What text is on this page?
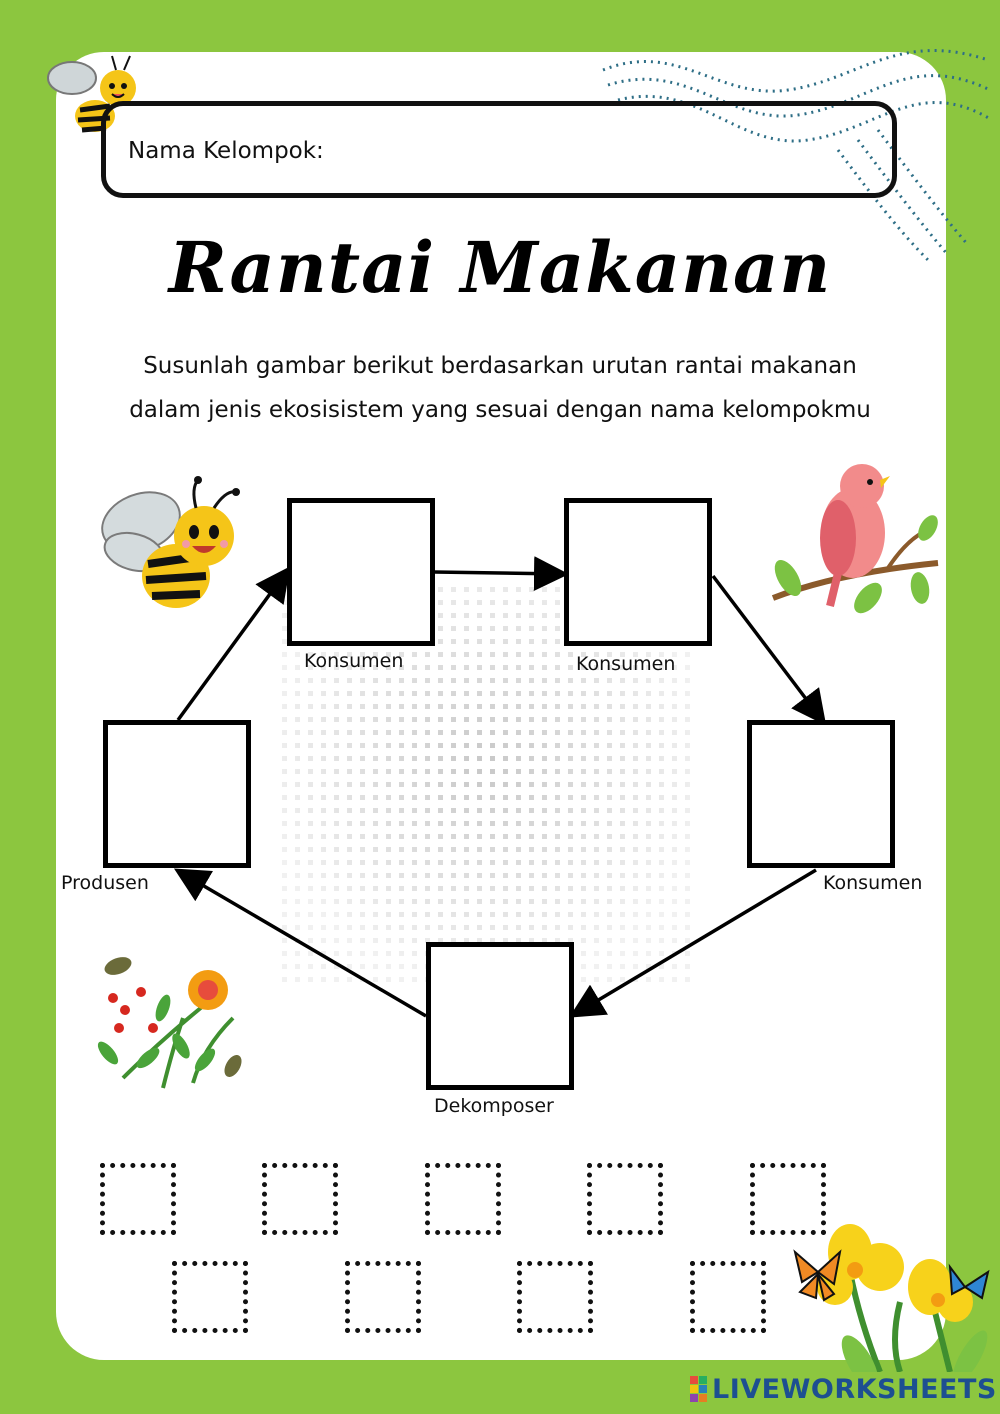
Nama Kelompok:
Rantai Makanan
Susunlah gambar berikut berdasarkan urutan rantai makanan dalam jenis ekosisistem yang sesuai dengan nama kelompokmu
Produsen
Konsumen	Konsumen
Konsumen
Dekomposer
LIVEWORKSHEETS
